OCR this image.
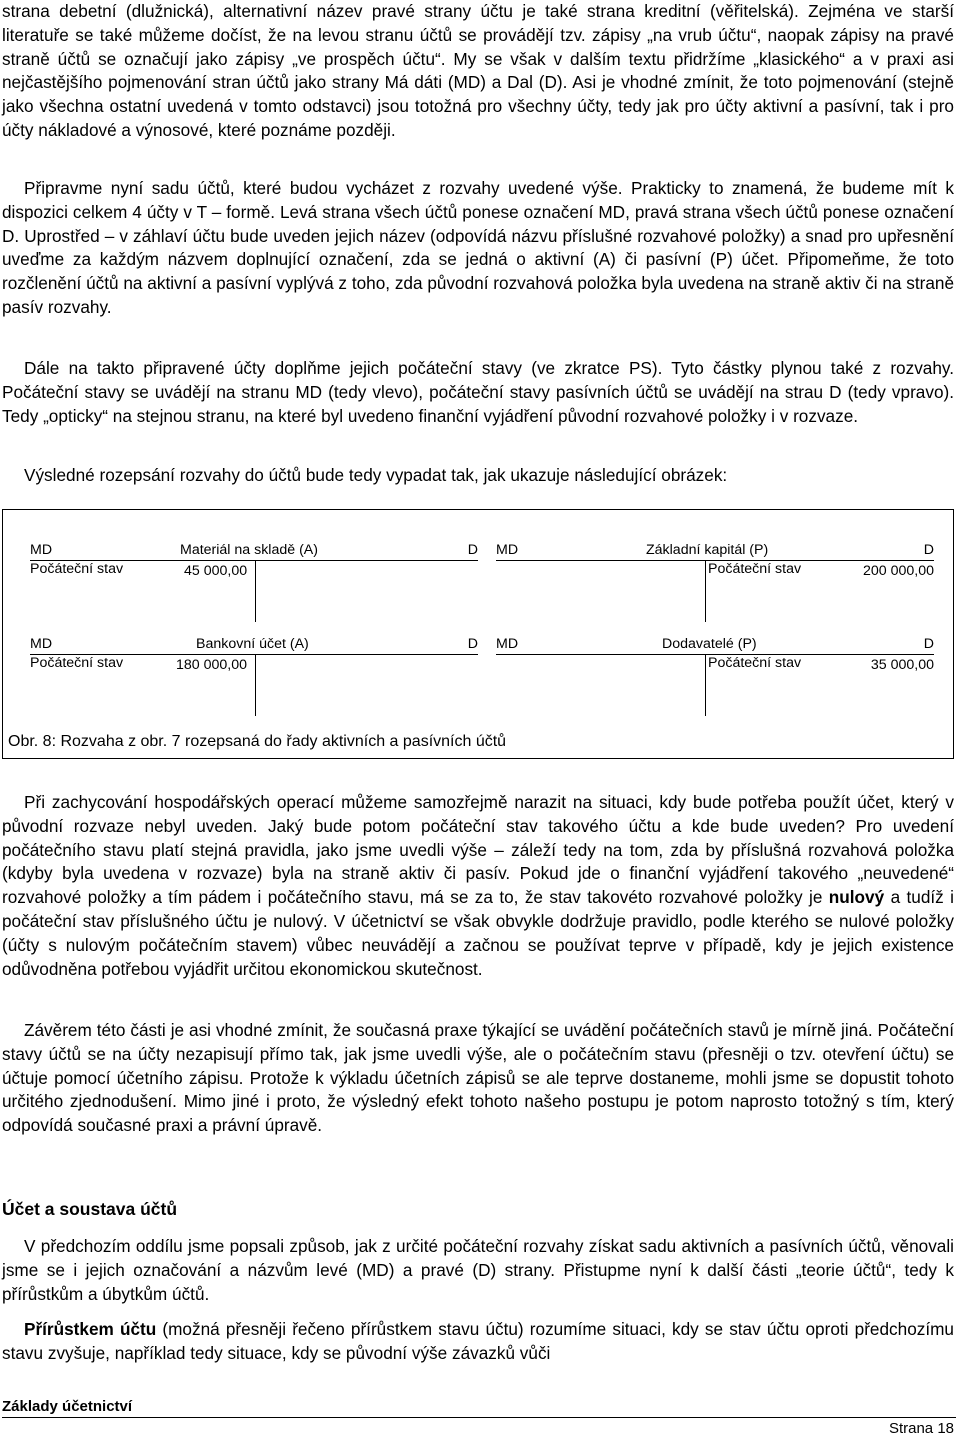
strana debetní (dlužnická), alternativní název pravé strany účtu je také strana kreditní (věřitelská). Zejména ve starší literatuře se také můžeme dočíst, že na levou stranu účtů se provádějí tzv. zápisy „na vrub účtu“, naopak zápisy na pravé straně účtů se označují jako zápisy „ve prospěch účtu“. My se však v dalším textu přidržíme „klasického“ a v praxi asi nejčastějšího pojmenování stran účtů jako strany Má dáti (MD) a Dal (D). Asi je vhodné zmínit, že toto pojmenování (stejně jako všechna ostatní uvedená v tomto odstavci) jsou totožná pro všechny účty, tedy jak pro účty aktivní a pasívní, tak i pro účty nákladové a výnosové, které poznáme později.

Připravme nyní sadu účtů, které budou vycházet z rozvahy uvedené výše. Prakticky to znamená, že budeme mít k dispozici celkem 4 účty v T – formě. Levá strana všech účtů ponese označení MD, pravá strana všech účtů ponese označení D. Uprostřed – v záhlaví účtu bude uveden jejich název (odpovídá názvu příslušné rozvahové položky) a snad pro upřesnění uveďme za každým názvem doplnující označení, zda se jedná o aktivní (A) či pasívní (P) účet. Připomeňme, že toto rozčlenění účtů na aktivní a pasívní vyplývá z toho, zda původní rozvahová položka byla uvedena na straně aktiv či na straně pasív rozvahy.

Dále na takto připravené účty doplňme jejich počáteční stavy (ve zkratce PS). Tyto částky plynou také z rozvahy. Počáteční stavy se uvádějí na stranu MD (tedy vlevo), počáteční stavy pasívních účtů se uvádějí na strau D (tedy vpravo). Tedy „opticky“ na stejnou stranu, na které byl uvedeno finanční vyjádření původní rozvahové položky i v rozvaze.

Výsledné rozepsání rozvahy do účtů bude tedy vypadat tak, jak ukazuje následující obrázek:

MD	Materiál na skladě (A)	D
Počáteční stav	45 000,00
MD	Základní kapitál (P)	D
Počáteční stav	200 000,00
MD	Bankovní účet (A)	D
Počáteční stav	180 000,00
MD	Dodavatelé (P)	D
Počáteční stav	35 000,00
Obr. 8: Rozvaha z obr. 7 rozepsaná do řady aktivních a pasívních účtů

Při zachycování hospodářských operací můžeme samozřejmě narazit na situaci, kdy bude potřeba použít účet, který v původní rozvaze nebyl uveden. Jaký bude potom počáteční stav takového účtu a kde bude uveden? Pro uvedení počátečního stavu platí stejná pravidla, jako jsme uvedli výše – záleží tedy na tom, zda by příslušná rozvahová položka (kdyby byla uvedena v rozvaze) byla na straně aktiv či pasív. Pokud jde o finanční vyjádření takového „neuvedené“ rozvahové položky a tím pádem i počátečního stavu, má se za to, že stav takovéto rozvahové položky je nulový a tudíž i počáteční stav příslušného účtu je nulový. V účetnictví se však obvykle dodržuje pravidlo, podle kterého se nulové položky (účty s nulovým počátečním stavem) vůbec neuvádějí a začnou se používat teprve v případě, kdy je jejich existence odůvodněna potřebou vyjádřit určitou ekonomickou skutečnost.

Závěrem této části je asi vhodné zmínit, že současná praxe týkající se uvádění počátečních stavů je mírně jiná. Počáteční stavy účtů se na účty nezapisují přímo tak, jak jsme uvedli výše, ale o počátečním stavu (přesněji o tzv. otevření účtu) se účtuje pomocí účetního zápisu. Protože k výkladu účetních zápisů se ale teprve dostaneme, mohli jsme se dopustit tohoto určitého zjednodušení. Mimo jiné i proto, že výsledný efekt tohoto našeho postupu je potom naprosto totožný s tím, který odpovídá současné praxi a právní úpravě.

Účet a soustava účtů

V předchozím oddílu jsme popsali způsob, jak z určité počáteční rozvahy získat sadu aktivních a pasívních účtů, věnovali jsme se i jejich označování a názvům levé (MD) a pravé (D) strany. Přistupme nyní k další části „teorie účtů“, tedy k přírůstkům a úbytkům účtů.

Přírůstkem účtu (možná přesněji řečeno přírůstkem stavu účtu) rozumíme situaci, kdy se stav účtu oproti předchozímu stavu zvyšuje, například tedy situace, kdy se původní výše závazků vůči

Základy účetnictví
Strana 18
